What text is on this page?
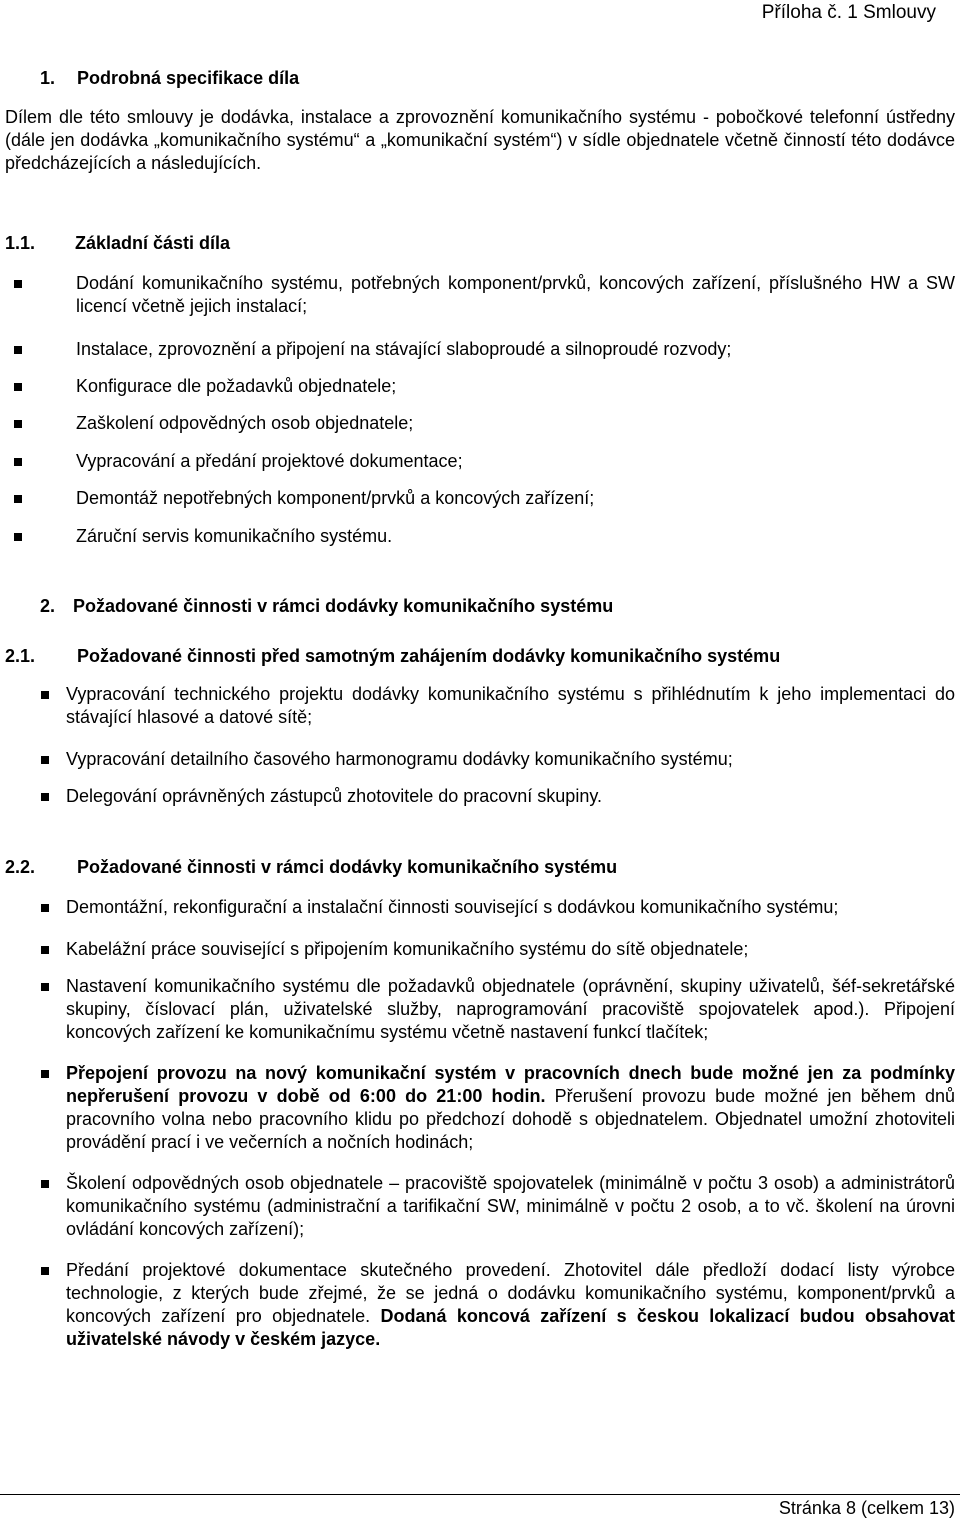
Příloha č. 1 Smlouvy
1. Podrobná specifikace díla
Dílem dle této smlouvy je dodávka, instalace a zprovoznění komunikačního systému - pobočkové telefonní ústředny (dále jen dodávka „komunikačního systému“ a „komunikační systém“) v sídle objednatele včetně činností této dodávce předcházejících a následujících.
1.1. Základní části díla
Dodání komunikačního systému, potřebných komponent/prvků, koncových zařízení, příslušného HW a SW licencí včetně jejich instalací;
Instalace, zprovoznění a připojení na stávající slaboproudé a silnoproudé rozvody;
Konfigurace dle požadavků objednatele;
Zaškolení odpovědných osob objednatele;
Vypracování a předání projektové dokumentace;
Demontáž nepotřebných komponent/prvků a koncových zařízení;
Záruční servis komunikačního systému.
2. Požadované činnosti v rámci dodávky komunikačního systému
2.1. Požadované činnosti před samotným zahájením dodávky komunikačního systému
Vypracování technického projektu dodávky komunikačního systému s přihlédnutím k jeho implementaci do stávající hlasové a datové sítě;
Vypracování detailního časového harmonogramu dodávky komunikačního systému;
Delegování oprávněných zástupců zhotovitele do pracovní skupiny.
2.2. Požadované činnosti v rámci dodávky komunikačního systému
Demontážní, rekonfigurační a instalační činnosti související s dodávkou komunikačního systému;
Kabelážní práce související s připojením komunikačního systému do sítě objednatele;
Nastavení komunikačního systému dle požadavků objednatele (oprávnění, skupiny uživatelů, šéf-sekretářské skupiny, číslovací plán, uživatelské služby, naprogramování pracoviště spojovatelek apod.). Připojení koncových zařízení ke komunikačnímu systému včetně nastavení funkcí tlačítek;
Přepojení provozu na nový komunikační systém v pracovních dnech bude možné jen za podmínky nepřerušení provozu v době od 6:00 do 21:00 hodin. Přerušení provozu bude možné jen během dnů pracovního volna nebo pracovního klidu po předchozí dohodě s objednatelem. Objednatel umožní zhotoviteli provádění prací i ve večerních a nočních hodinách;
Školení odpovědných osob objednatele – pracoviště spojovatelek (minimálně v počtu 3 osob) a administrátorů komunikačního systému (administrační a tarifikační SW, minimálně v počtu 2 osob, a to vč. školení na úrovni ovládání koncových zařízení);
Předání projektové dokumentace skutečného provedení. Zhotovitel dále předloží dodací listy výrobce technologie, z kterých bude zřejmé, že se jedná o dodávku komunikačního systému, komponent/prvků a koncových zařízení pro objednatele. Dodaná koncová zařízení s českou lokalizací budou obsahovat uživatelské návody v českém jazyce.
Stránka 8 (celkem 13)
